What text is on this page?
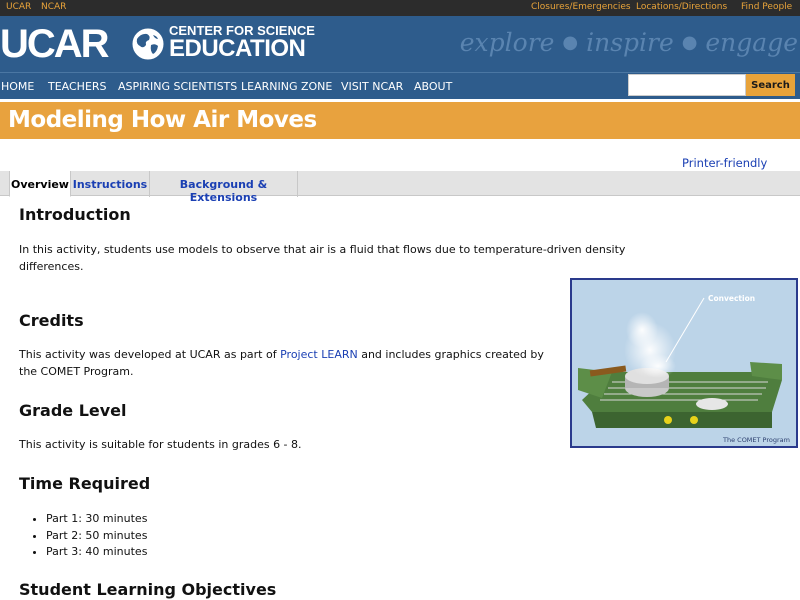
UCAR NCAR	Closures/Emergencies Locations/Directions Find People
UCAR	CENTER FOR SCIENCE
EDUCATION	explore ● inspire ● engage
HOME TEACHERS ASPIRING SCIENTISTS LEARNING ZONE VISIT NCAR ABOUT	Search
Modeling How Air Moves
Printer-friendly
Overview Instructions	Background & Extensions
Introduction

In this activity, students use models to observe that air is a fluid that flows due to temperature-driven density differences.

Credits

This activity was developed at UCAR as part of Project LEARN and includes graphics created by the COMET Program.

Grade Level

This activity is suitable for students in grades 6 - 8.

Time Required
• Part 1: 30 minutes
• Part 2: 50 minutes
• Part 3: 40 minutes
Student Learning Objectives
Convection
The COMET Program
